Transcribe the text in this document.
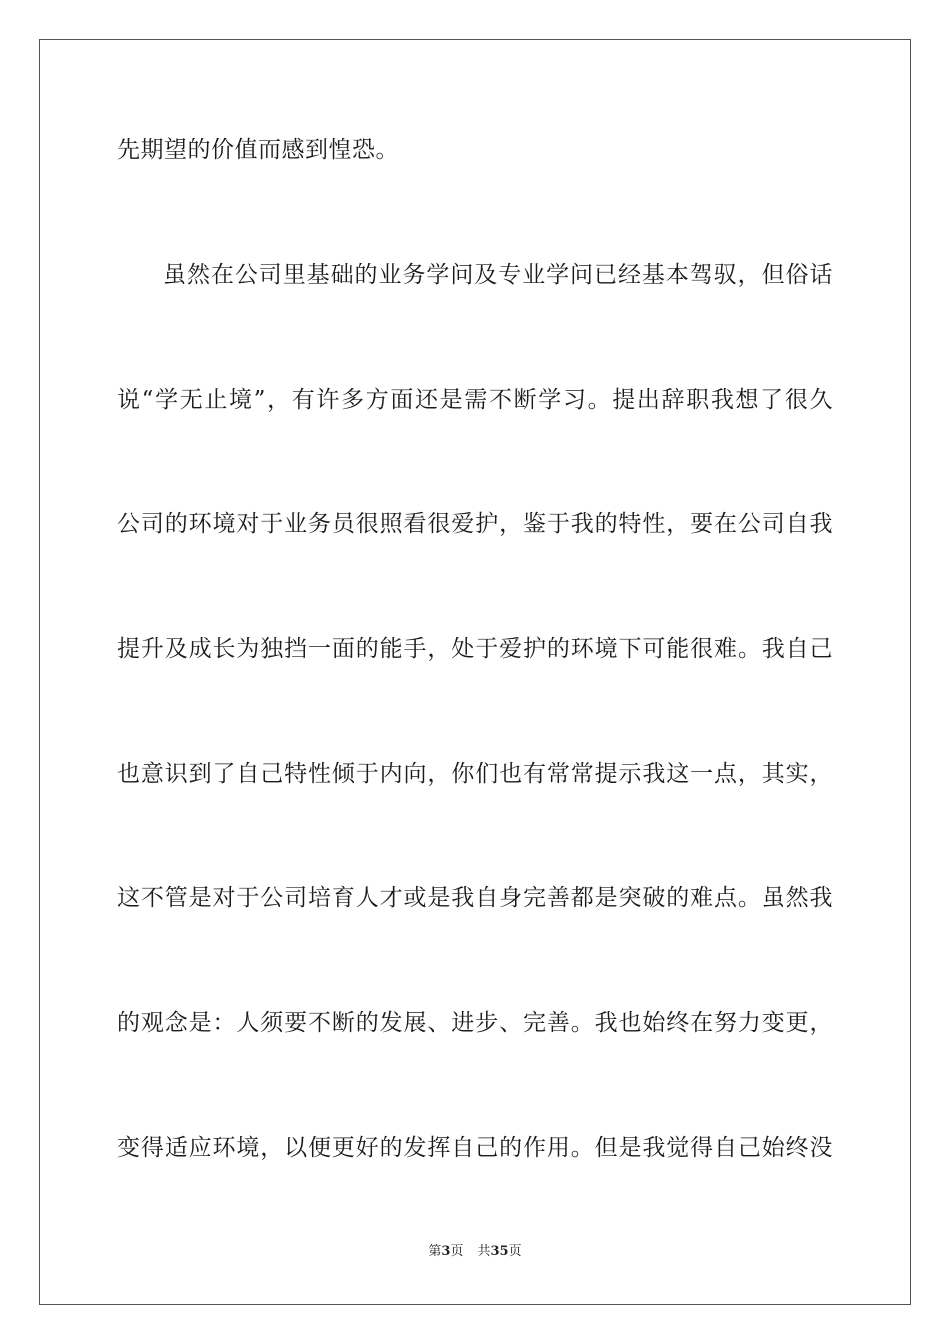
先期望的价值而感到惶恐。
虽然在公司里基础的业务学问及专业学问已经基本驾驭，但俗话
说“学无止境”，有许多方面还是需不断学习。提出辞职我想了很久
公司的环境对于业务员很照看很爱护，鉴于我的特性，要在公司自我
提升及成长为独挡一面的能手，处于爱护的环境下可能很难。我自己
也意识到了自己特性倾于内向，你们也有常常提示我这一点，其实，
这不管是对于公司培育人才或是我自身完善都是突破的难点。虽然我
的观念是：人须要不断的发展、进步、完善。我也始终在努力变更，
变得适应环境，以便更好的发挥自己的作用。但是我觉得自己始终没
第3页 共35页
